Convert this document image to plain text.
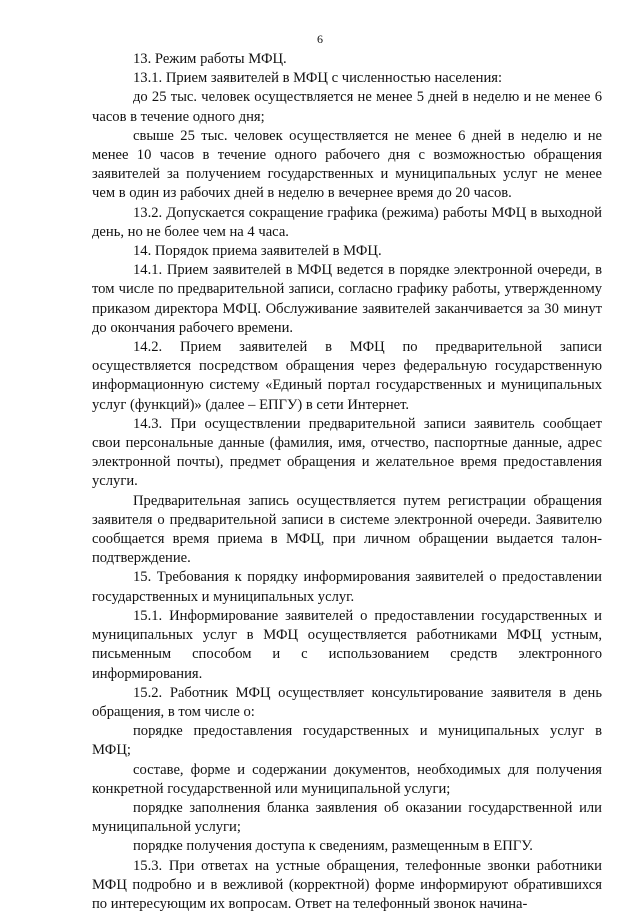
6

13. Режим работы МФЦ.

13.1. Прием заявителей в МФЦ с численностью населения:

до 25 тыс. человек осуществляется не менее 5 дней в неделю и не менее 6 часов в течение одного дня;

свыше 25 тыс. человек осуществляется не менее 6 дней в неделю и не менее 10 часов в течение одного рабочего дня с возможностью обращения заявителей за получением государственных и муниципальных услуг не менее чем в один из рабочих дней в неделю в вечернее время до 20 часов.

13.2. Допускается сокращение графика (режима) работы МФЦ в выходной день, но не более чем на 4 часа.

14. Порядок приема заявителей в МФЦ.

14.1. Прием заявителей в МФЦ ведется в порядке электронной очереди, в том числе по предварительной записи, согласно графику работы, утвержденному приказом директора МФЦ. Обслуживание заявителей заканчивается за 30 минут до окончания рабочего времени.

14.2. Прием заявителей в МФЦ по предварительной записи осуществляется посредством обращения через федеральную государственную информационную систему «Единый портал государственных и муниципальных услуг (функций)» (далее – ЕПГУ) в сети Интернет.

14.3. При осуществлении предварительной записи заявитель сообщает свои персональные данные (фамилия, имя, отчество, паспортные данные, адрес электронной почты), предмет обращения и желательное время предоставления услуги.

Предварительная запись осуществляется путем регистрации обращения заявителя о предварительной записи в системе электронной очереди. Заявителю сообщается время приема в МФЦ, при личном обращении выдается талон-подтверждение.

15. Требования к порядку информирования заявителей о предоставлении государственных и муниципальных услуг.

15.1. Информирование заявителей о предоставлении государственных и муниципальных услуг в МФЦ осуществляется работниками МФЦ устным, письменным способом и с использованием средств электронного информирования.

15.2. Работник МФЦ осуществляет консультирование заявителя в день обращения, в том числе о:

порядке предоставления государственных и муниципальных услуг в МФЦ;

составе, форме и содержании документов, необходимых для получения конкретной государственной или муниципальной услуги;

порядке заполнения бланка заявления об оказании государственной или муниципальной услуги;

порядке получения доступа к сведениям, размещенным в ЕПГУ.

15.3. При ответах на устные обращения, телефонные звонки работники МФЦ подробно и в вежливой (корректной) форме информируют обратившихся по интересующим их вопросам. Ответ на телефонный звонок начина-
